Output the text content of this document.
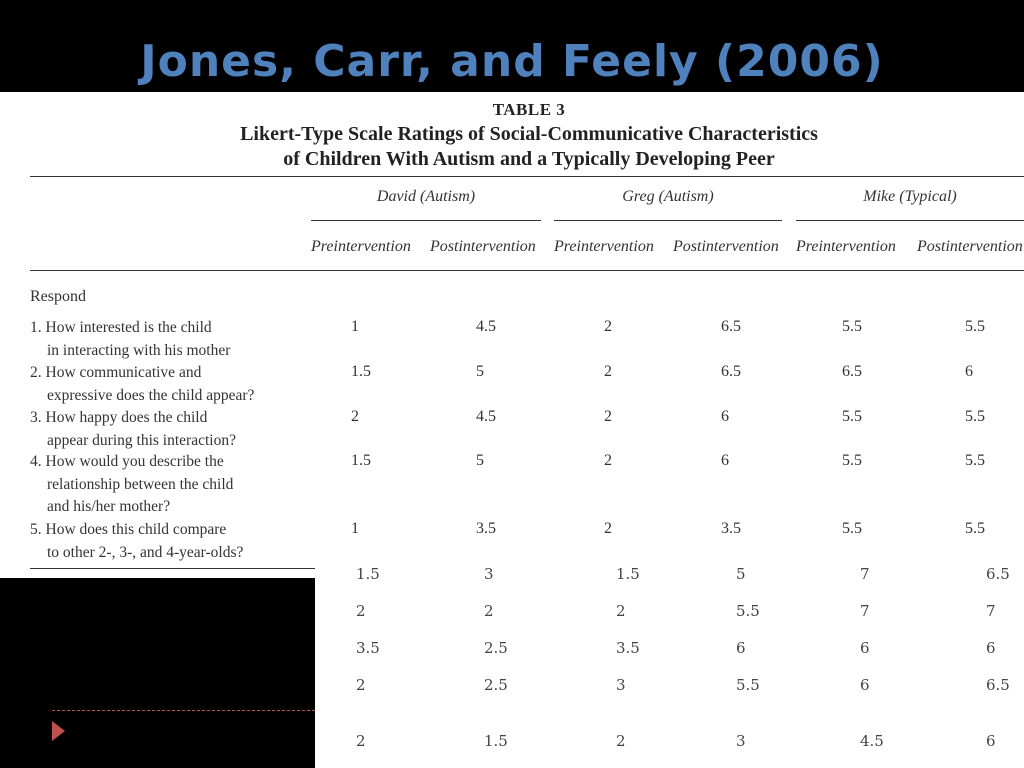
Jones, Carr, and Feely (2006)
TABLE 3
Likert-Type Scale Ratings of Social-Communicative Characteristics
of Children With Autism and a Typically Developing Peer
David (Autism)	Greg (Autism)	Mike (Typical)
Preintervention Postintervention Preintervention Postintervention Preintervention Postintervention
Respond
1. How interested is the child
in interacting with his mother
1	4.5	2	6.5	5.5	5.5
2. How communicative and
expressive does the child appear?
1.5	5	2	6.5	6.5	6
3. How happy does the child
appear during this interaction?
2	4.5	2	6	5.5	5.5
4. How would you describe the
relationship between the child
and his/her mother?
1.5	5	2	6	5.5	5.5
5. How does this child compare
to other 2-, 3-, and 4-year-olds?
1	3.5	2	3.5	5.5	5.5
1.5	3	1.5	5	7	6.5
2	2	2	5.5	7	7
3.5	2.5	3.5	6	6	6
2	2.5	3	5.5	6	6.5
2	1.5	2	3	4.5	6
